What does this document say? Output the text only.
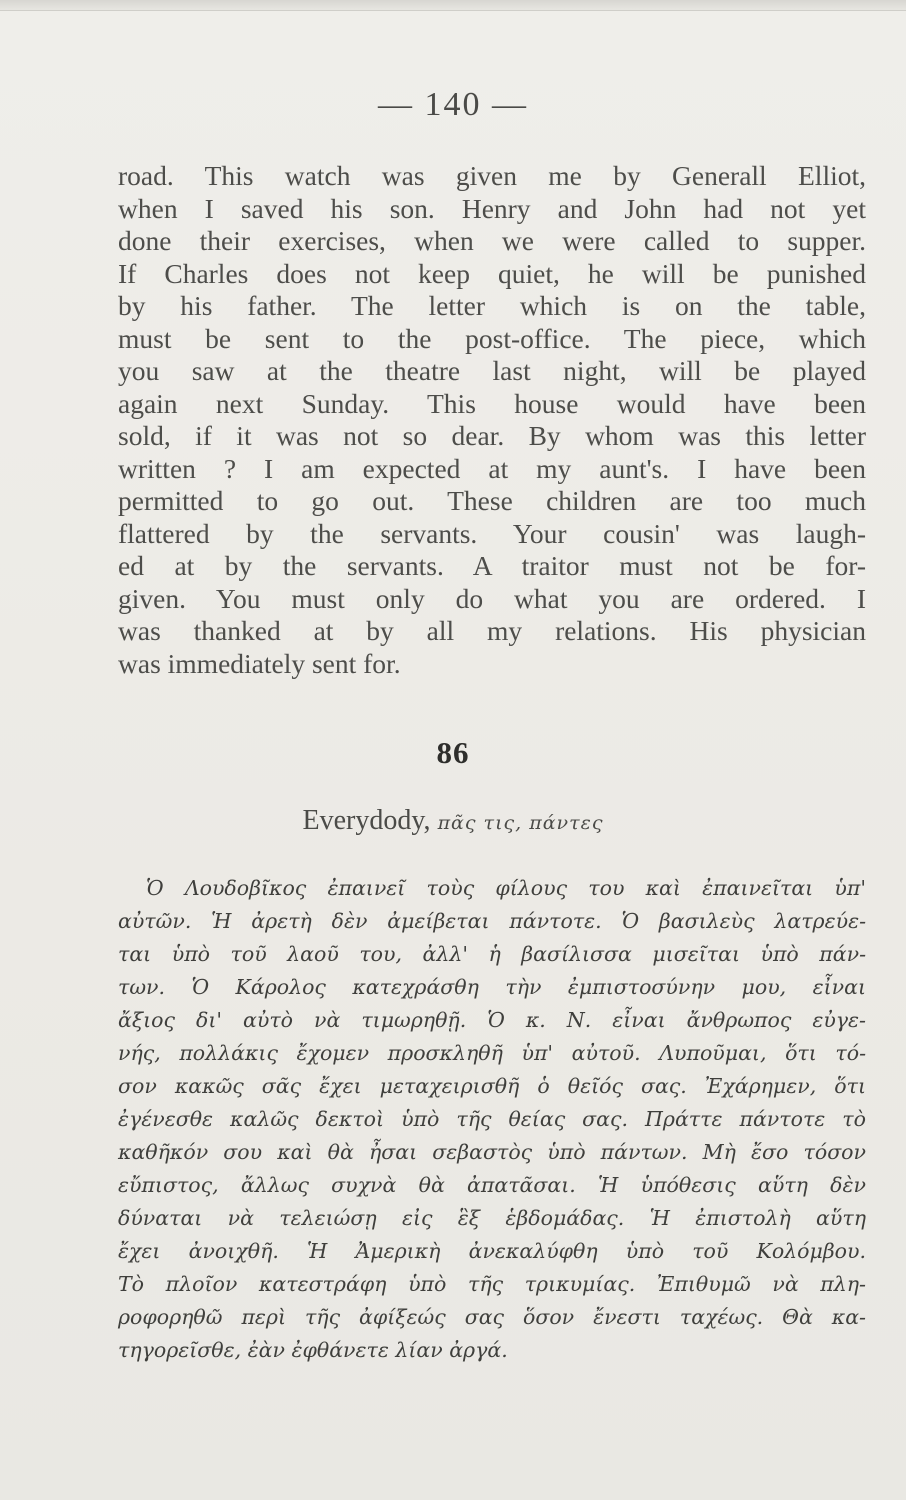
— 140 —
road. This watch was given me by Generall Elliot,
when I saved his son. Henry and John had not yet
done their exercises, when we were called to supper.
If Charles does not keep quiet, he will be punished
by his father. The letter which is on the table,
must be sent to the post-office. The piece, which
you saw at the theatre last night, will be played
again next Sunday. This house would have been
sold, if it was not so dear. By whom was this letter
written ? I am expected at my aunt's. I have been
permitted to go out. These children are too much
flattered by the servants. Your cousin' was laugh-
ed at by the servants. A traitor must not be for-
given. You must only do what you are ordered. I
was thanked at by all my relations. His physician
was immediately sent for.
86
Everydody, πᾶς τις, πάντες
Ὁ Λουδοβῖκος ἐπαινεῖ τοὺς φίλους του καὶ ἐπαινεῖται ὑπ'
αὐτῶν. Ἡ ἀρετὴ δὲν ἀμείβεται πάντοτε. Ὁ βασιλεὺς λατρεύε-
ται ὑπὸ τοῦ λαοῦ του, ἀλλ' ἡ βασίλισσα μισεῖται ὑπὸ πάν-
των. Ὁ Κάρολος κατεχράσθη τὴν ἐμπιστοσύνην μου, εἶναι
ἄξιος δι' αὐτὸ νὰ τιμωρηθῇ. Ὁ κ. Ν. εἶναι ἄνθρωπος εὐγε-
νής, πολλάκις ἔχομεν προσκληθῆ ὑπ' αὐτοῦ. Λυποῦμαι, ὅτι τό-
σον κακῶς σᾶς ἔχει μεταχειρισθῆ ὁ θεῖός σας. Ἐχάρημεν, ὅτι
ἐγένεσθε καλῶς δεκτοὶ ὑπὸ τῆς θείας σας. Πράττε πάντοτε τὸ
καθῆκόν σου καὶ θὰ ἦσαι σεβαστὸς ὑπὸ πάντων. Μὴ ἔσο τόσον
εὔπιστος, ἄλλως συχνὰ θὰ ἀπατᾶσαι. Ἡ ὑπόθεσις αὕτη δὲν
δύναται νὰ τελειώσῃ εἰς ἓξ ἑβδομάδας. Ἡ ἐπιστολὴ αὕτη
ἔχει ἀνοιχθῆ. Ἡ Ἀμερικὴ ἀνεκαλύφθη ὑπὸ τοῦ Κολόμβου.
Τὸ πλοῖον κατεστράφη ὑπὸ τῆς τρικυμίας. Ἐπιθυμῶ νὰ πλη-
ροφορηθῶ περὶ τῆς ἀφίξεώς σας ὅσον ἔνεστι ταχέως. Θὰ κα-
τηγορεῖσθε, ἐὰν ἐφθάνετε λίαν ἀργά.
